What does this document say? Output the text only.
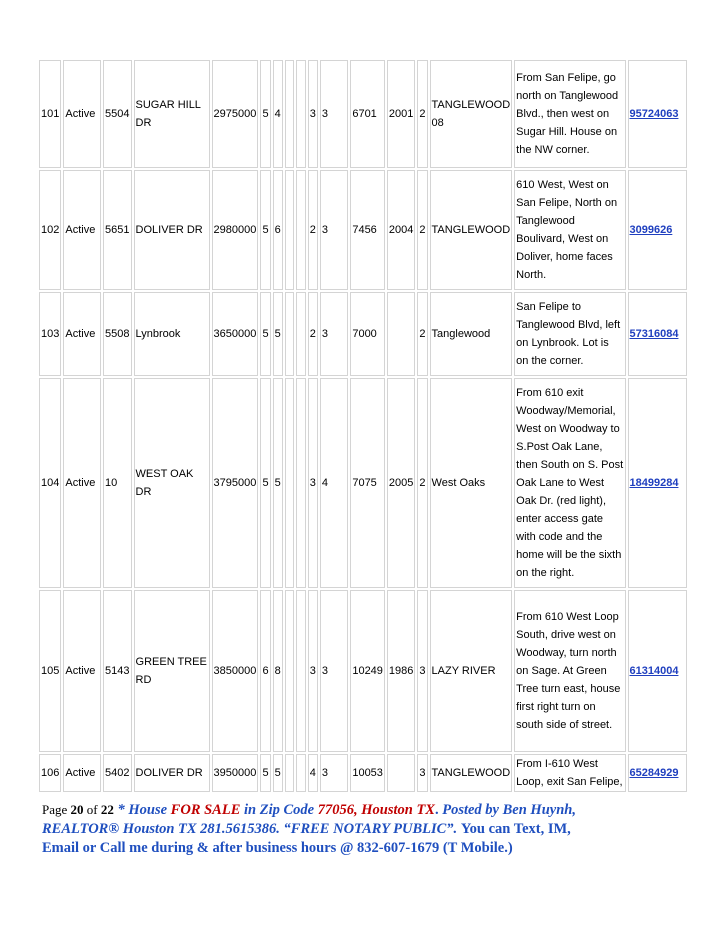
101	Active	5504	SUGAR HILL DR	2975000	5	4			3	3	6701	2001	2	TANGLEWOOD 08	From San Felipe, go north on Tanglewood Blvd., then west on Sugar Hill. House on the NW corner.	95724063
102	Active	5651	DOLIVER DR	2980000	5	6			2	3	7456	2004	2	TANGLEWOOD	610 West, West on San Felipe, North on Tanglewood Boulivard, West on Doliver, home faces North.	3099626
103	Active	5508	Lynbrook	3650000	5	5			2	3	7000		2	Tanglewood	San Felipe to Tanglewood Blvd, left on Lynbrook. Lot is on the corner.	57316084
104	Active	10	WEST OAK DR	3795000	5	5			3	4	7075	2005	2	West Oaks	From 610 exit Woodway/Memorial, West on Woodway to S.Post Oak Lane, then South on S. Post Oak Lane to West Oak Dr. (red light), enter access gate with code and the home will be the sixth on the right.	18499284
105	Active	5143	GREEN TREE RD	3850000	6	8			3	3	10249	1986	3	LAZY RIVER	From 610 West Loop South, drive west on Woodway, turn north on Sage. At Green Tree turn east, house first right turn on south side of street.	61314004
106	Active	5402	DOLIVER DR	3950000	5	5			4	3	10053		3	TANGLEWOOD	From I-610 West Loop, exit San Felipe,	65284929
Page 20 of 22 * House FOR SALE in Zip Code 77056, Houston TX. Posted by Ben Huynh,
REALTOR® Houston TX 281.5615386. “FREE NOTARY PUBLIC”. You can Text, IM,
Email or Call me during & after business hours @ 832-607-1679 (T Mobile.)
